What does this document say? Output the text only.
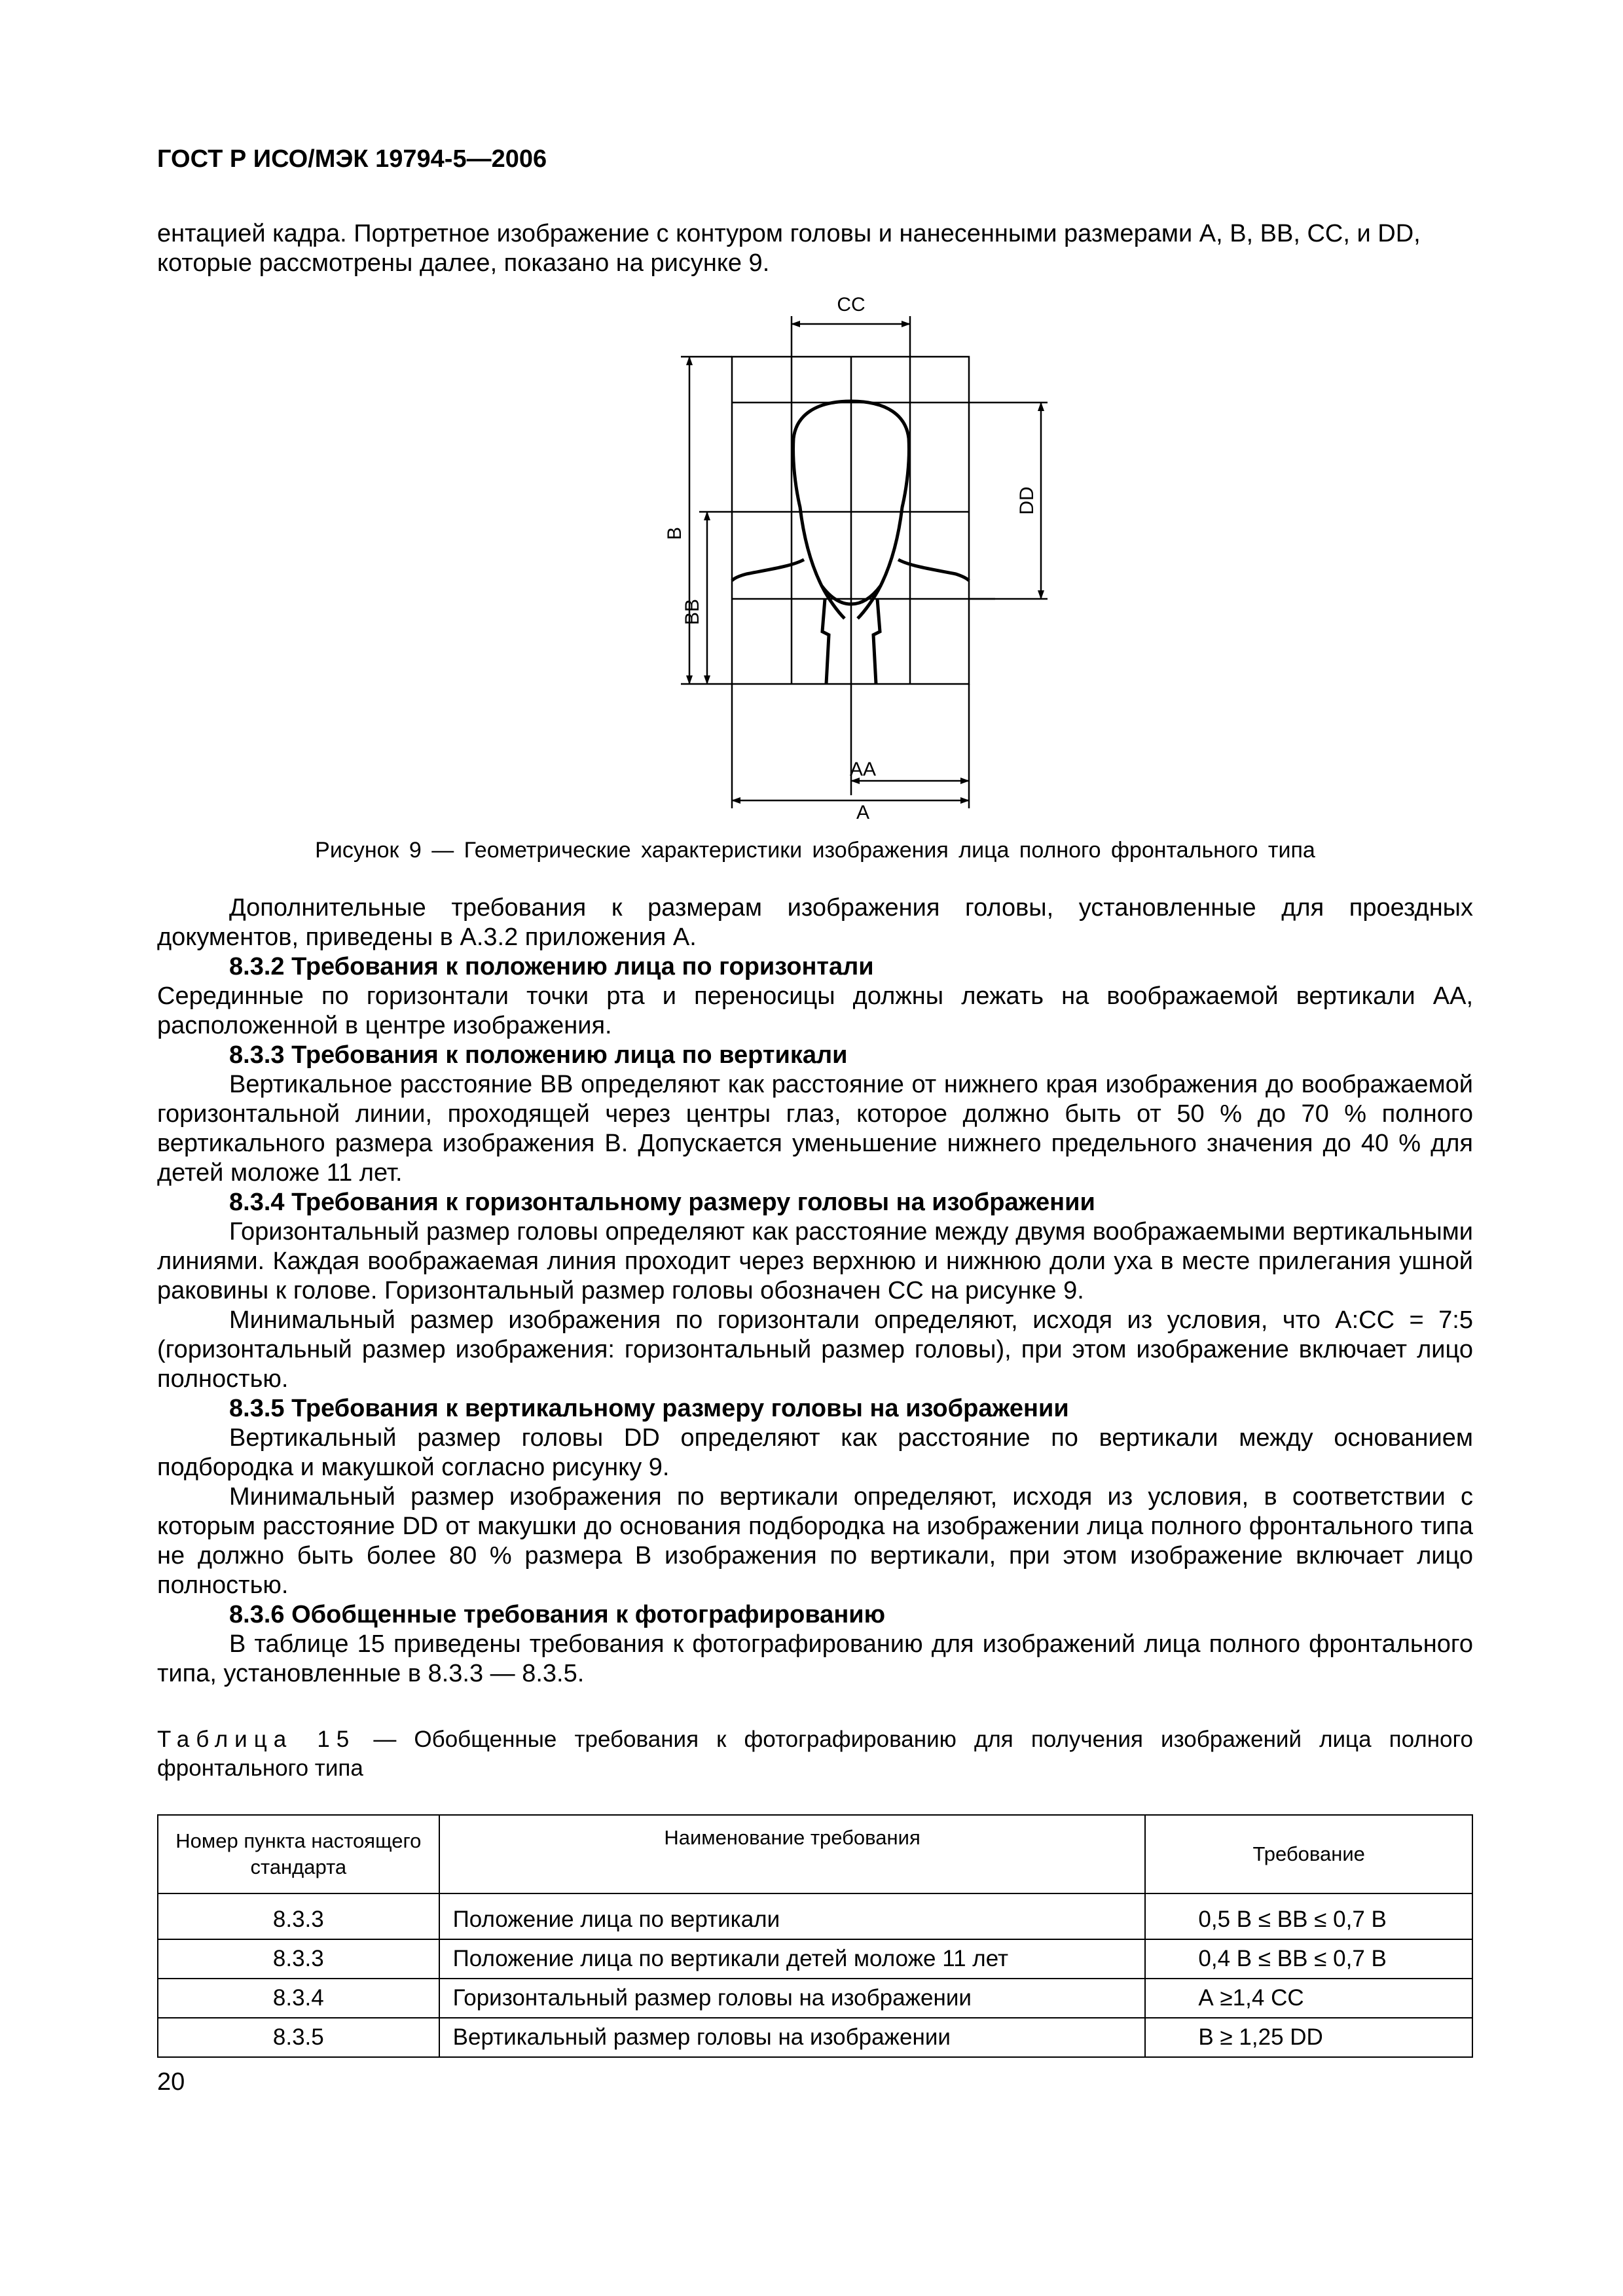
ГОСТ Р ИСО/МЭК 19794-5—2006

ентацией кадра. Портретное изображение с контуром головы и нанесенными размерами А, В, ВВ, СС, и DD,

которые рассмотрены далее, показано на рисунке 9.

CC
B
BB
DD
AA
A
Рисунок 9 — Геометрические характеристики изображения лица полного фронтального типа

Дополнительные требования к размерам изображения головы, установленные для проездных документов, приведены в А.3.2 приложения А.

8.3.2 Требования к положению лица по горизонтали

Серединные по горизонтали точки рта и переносицы должны лежать на воображаемой вертикали АА, расположенной в центре изображения.

8.3.3 Требования к положению лица по вертикали

Вертикальное расстояние ВВ определяют как расстояние от нижнего края изображения до воображаемой горизонтальной линии, проходящей через центры глаз, которое должно быть от 50 % до 70 % полного вертикального размера изображения В. Допускается уменьшение нижнего предельного значения до 40 % для детей моложе 11 лет.

8.3.4 Требования к горизонтальному размеру головы на изображении

Горизонтальный размер головы определяют как расстояние между двумя воображаемыми вертикальными линиями. Каждая воображаемая линия проходит через верхнюю и нижнюю доли уха в месте прилегания ушной раковины к голове. Горизонтальный размер головы обозначен СС на рисунке 9.

Минимальный размер изображения по горизонтали определяют, исходя из условия, что А:СС = 7:5 (горизонтальный размер изображения: горизонтальный размер головы), при этом изображение включает лицо полностью.

8.3.5 Требования к вертикальному размеру головы на изображении

Вертикальный размер головы DD определяют как расстояние по вертикали между основанием подбородка и макушкой согласно рисунку 9.

Минимальный размер изображения по вертикали определяют, исходя из условия, в соответствии с которым расстояние DD от макушки до основания подбородка на изображении лица полного фронтального типа не должно быть более 80 % размера В изображения по вертикали, при этом изображение включает лицо полностью.

8.3.6 Обобщенные требования к фотографированию

В таблице 15 приведены требования к фотографированию для изображений лица полного фронтального типа, установленные в 8.3.3 — 8.3.5.

Таблица 15 — Обобщенные требования к фотографированию для получения изображений лица полного фронтального типа
Номер пункта настоящего стандарта	Наименование требования	Требование
8.3.3	Положение лица по вертикали	0,5 В ≤ ВВ ≤ 0,7 В
8.3.3	Положение лица по вертикали детей моложе 11 лет	0,4 В ≤ ВВ ≤ 0,7 В
8.3.4	Горизонтальный размер головы на изображении	А ≥1,4 СС
8.3.5	Вертикальный размер головы на изображении	В ≥ 1,25 DD
20
